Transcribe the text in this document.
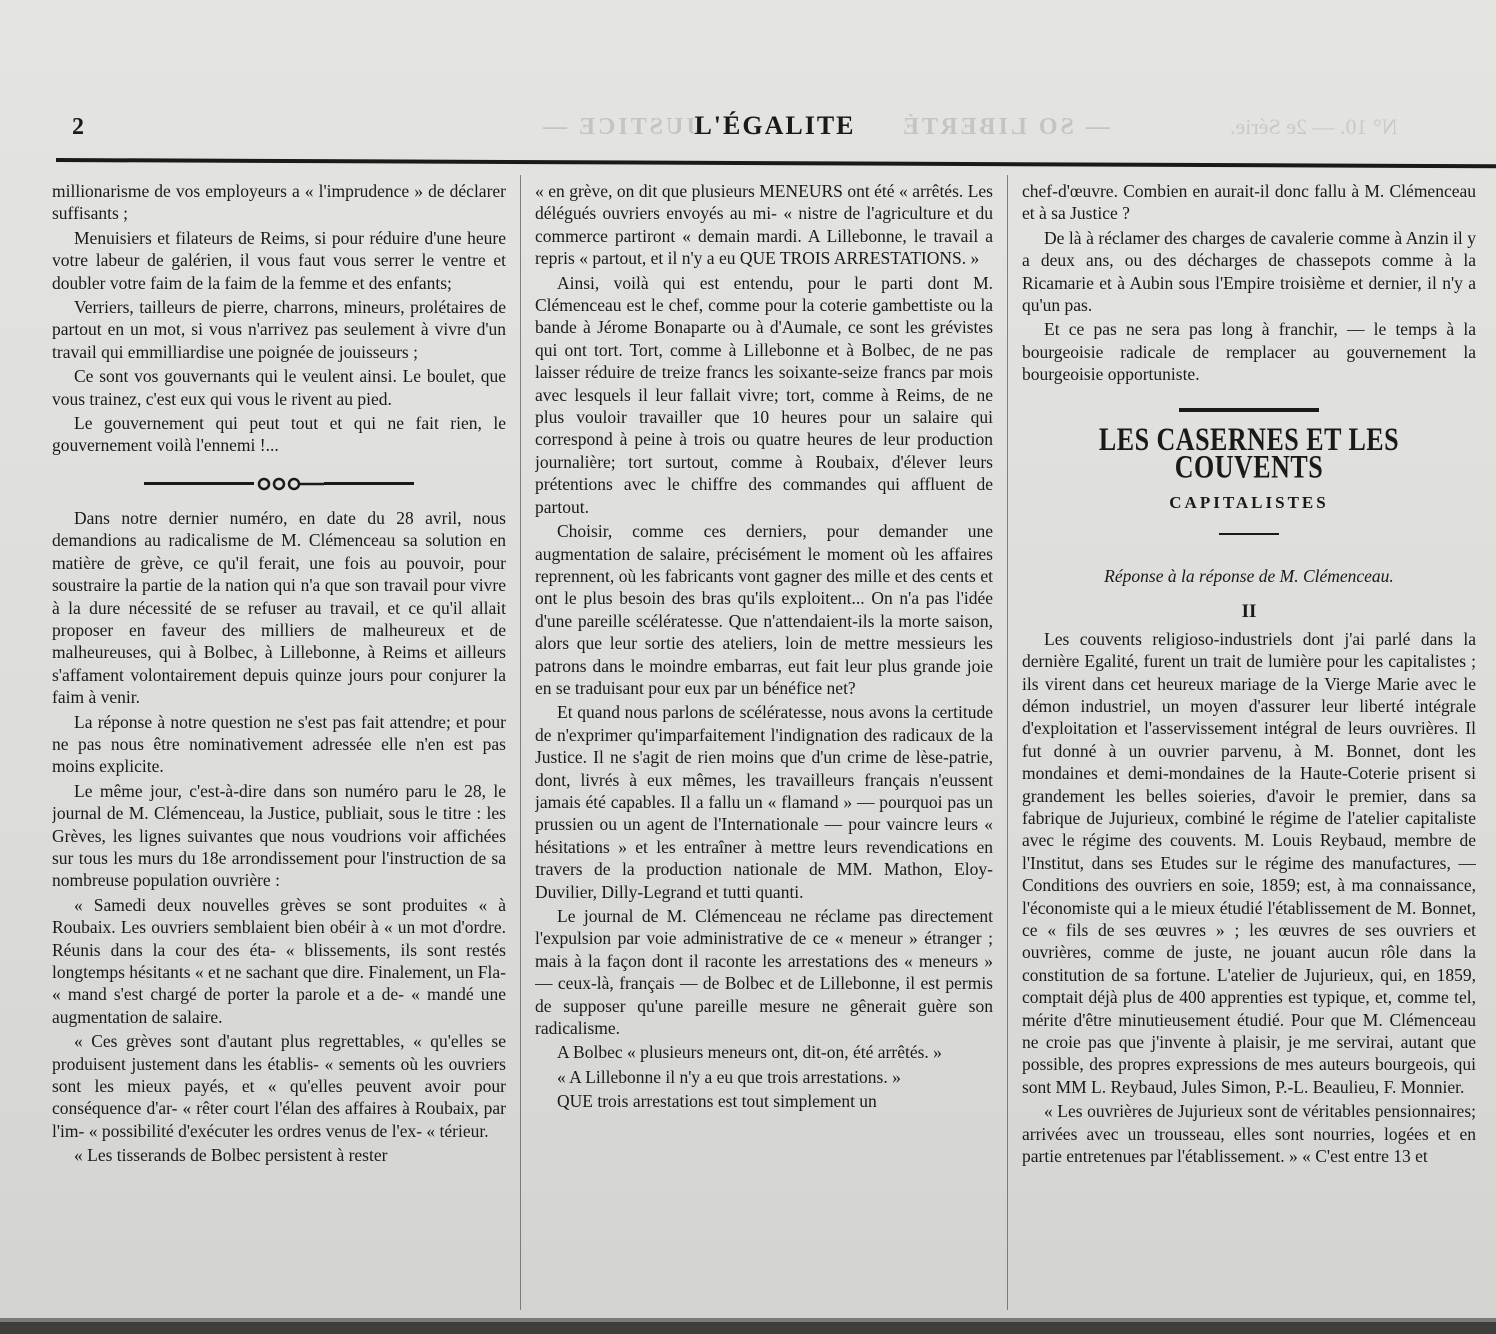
JUSTICE —	— SO LIBERTÉ	N° 10. — 2e Série.
2	L'ÉGALITE

millionarisme de vos employeurs a « l'imprudence » de déclarer suffisants ;

Menuisiers et filateurs de Reims, si pour réduire d'une heure votre labeur de galérien, il vous faut vous serrer le ventre et doubler votre faim de la faim de la femme et des enfants;

Verriers, tailleurs de pierre, charrons, mineurs, prolétaires de partout en un mot, si vous n'arrivez pas seulement à vivre d'un travail qui emmilliardise une poignée de jouisseurs ;

Ce sont vos gouvernants qui le veulent ainsi. Le boulet, que vous trainez, c'est eux qui vous le rivent au pied.

Le gouvernement qui peut tout et qui ne fait rien, le gouvernement voilà l'ennemi !...

Dans notre dernier numéro, en date du 28 avril, nous demandions au radicalisme de M. Clémenceau sa solution en matière de grève, ce qu'il ferait, une fois au pouvoir, pour soustraire la partie de la nation qui n'a que son travail pour vivre à la dure nécessité de se refuser au travail, et ce qu'il allait proposer en faveur des milliers de malheureux et de malheureuses, qui à Bolbec, à Lillebonne, à Reims et ailleurs s'affament volontairement depuis quinze jours pour conjurer la faim à venir.

La réponse à notre question ne s'est pas fait attendre; et pour ne pas nous être nominativement adressée elle n'en est pas moins explicite.

Le même jour, c'est-à-dire dans son numéro paru le 28, le journal de M. Clémenceau, la Justice, publiait, sous le titre : les Grèves, les lignes suivantes que nous voudrions voir affichées sur tous les murs du 18e arrondissement pour l'instruction de sa nombreuse population ouvrière :

« Samedi deux nouvelles grèves se sont produites « à Roubaix. Les ouvriers semblaient bien obéir à « un mot d'ordre. Réunis dans la cour des éta- « blissements, ils sont restés longtemps hésitants « et ne sachant que dire. Finalement, un Fla- « mand s'est chargé de porter la parole et a de- « mandé une augmentation de salaire.

« Ces grèves sont d'autant plus regrettables, « qu'elles se produisent justement dans les établis- « sements où les ouvriers sont les mieux payés, et « qu'elles peuvent avoir pour conséquence d'ar- « rêter court l'élan des affaires à Roubaix, par l'im- « possibilité d'exécuter les ordres venus de l'ex- « térieur.

« Les tisserands de Bolbec persistent à rester

« en grève, on dit que plusieurs MENEURS ont été « arrêtés. Les délégués ouvriers envoyés au mi- « nistre de l'agriculture et du commerce partiront « demain mardi. A Lillebonne, le travail a repris « partout, et il n'y a eu QUE TROIS ARRESTATIONS. »

Ainsi, voilà qui est entendu, pour le parti dont M. Clémenceau est le chef, comme pour la coterie gambettiste ou la bande à Jérome Bonaparte ou à d'Aumale, ce sont les grévistes qui ont tort. Tort, comme à Lillebonne et à Bolbec, de ne pas laisser réduire de treize francs les soixante-seize francs par mois avec lesquels il leur fallait vivre; tort, comme à Reims, de ne plus vouloir travailler que 10 heures pour un salaire qui correspond à peine à trois ou quatre heures de leur production journalière; tort surtout, comme à Roubaix, d'élever leurs prétentions avec le chiffre des commandes qui affluent de partout.

Choisir, comme ces derniers, pour demander une augmentation de salaire, précisément le moment où les affaires reprennent, où les fabricants vont gagner des mille et des cents et ont le plus besoin des bras qu'ils exploitent... On n'a pas l'idée d'une pareille scélératesse. Que n'attendaient-ils la morte saison, alors que leur sortie des ateliers, loin de mettre messieurs les patrons dans le moindre embarras, eut fait leur plus grande joie en se traduisant pour eux par un bénéfice net?

Et quand nous parlons de scélératesse, nous avons la certitude de n'exprimer qu'imparfaitement l'indignation des radicaux de la Justice. Il ne s'agit de rien moins que d'un crime de lèse-patrie, dont, livrés à eux mêmes, les travailleurs français n'eussent jamais été capables. Il a fallu un « flamand » — pourquoi pas un prussien ou un agent de l'Internationale — pour vaincre leurs « hésitations » et les entraîner à mettre leurs revendications en travers de la production nationale de MM. Mathon, Eloy-Duvilier, Dilly-Legrand et tutti quanti.

Le journal de M. Clémenceau ne réclame pas directement l'expulsion par voie administrative de ce « meneur » étranger ; mais à la façon dont il raconte les arrestations des « meneurs » — ceux-là, français — de Bolbec et de Lillebonne, il est permis de supposer qu'une pareille mesure ne gênerait guère son radicalisme.

A Bolbec « plusieurs meneurs ont, dit-on, été arrêtés. »

« A Lillebonne il n'y a eu que trois arrestations. »

QUE trois arrestations est tout simplement un

chef-d'œuvre. Combien en aurait-il donc fallu à M. Clémenceau et à sa Justice ?

De là à réclamer des charges de cavalerie comme à Anzin il y a deux ans, ou des décharges de chassepots comme à la Ricamarie et à Aubin sous l'Empire troisième et dernier, il n'y a qu'un pas.

Et ce pas ne sera pas long à franchir, — le temps à la bourgeoisie radicale de remplacer au gouvernement la bourgeoisie opportuniste.

LES CASERNES ET LES COUVENTS
CAPITALISTES
Réponse à la réponse de M. Clémenceau.
II

Les couvents religioso-industriels dont j'ai parlé dans la dernière Egalité, furent un trait de lumière pour les capitalistes ; ils virent dans cet heureux mariage de la Vierge Marie avec le démon industriel, un moyen d'assurer leur liberté intégrale d'exploitation et l'asservissement intégral de leurs ouvrières. Il fut donné à un ouvrier parvenu, à M. Bonnet, dont les mondaines et demi-mondaines de la Haute-Coterie prisent si grandement les belles soieries, d'avoir le premier, dans sa fabrique de Jujurieux, combiné le régime de l'atelier capitaliste avec le régime des couvents. M. Louis Reybaud, membre de l'Institut, dans ses Etudes sur le régime des manufactures, — Conditions des ouvriers en soie, 1859; est, à ma connaissance, l'économiste qui a le mieux étudié l'établissement de M. Bonnet, ce « fils de ses œuvres » ; les œuvres de ses ouvriers et ouvrières, comme de juste, ne jouant aucun rôle dans la constitution de sa fortune. L'atelier de Jujurieux, qui, en 1859, comptait déjà plus de 400 apprenties est typique, et, comme tel, mérite d'être minutieusement étudié. Pour que M. Clémenceau ne croie pas que j'invente à plaisir, je me servirai, autant que possible, des propres expressions de mes auteurs bourgeois, qui sont MM L. Reybaud, Jules Simon, P.-L. Beaulieu, F. Monnier.

« Les ouvrières de Jujurieux sont de véritables pensionnaires; arrivées avec un trousseau, elles sont nourries, logées et en partie entretenues par l'établissement. » « C'est entre 13 et
